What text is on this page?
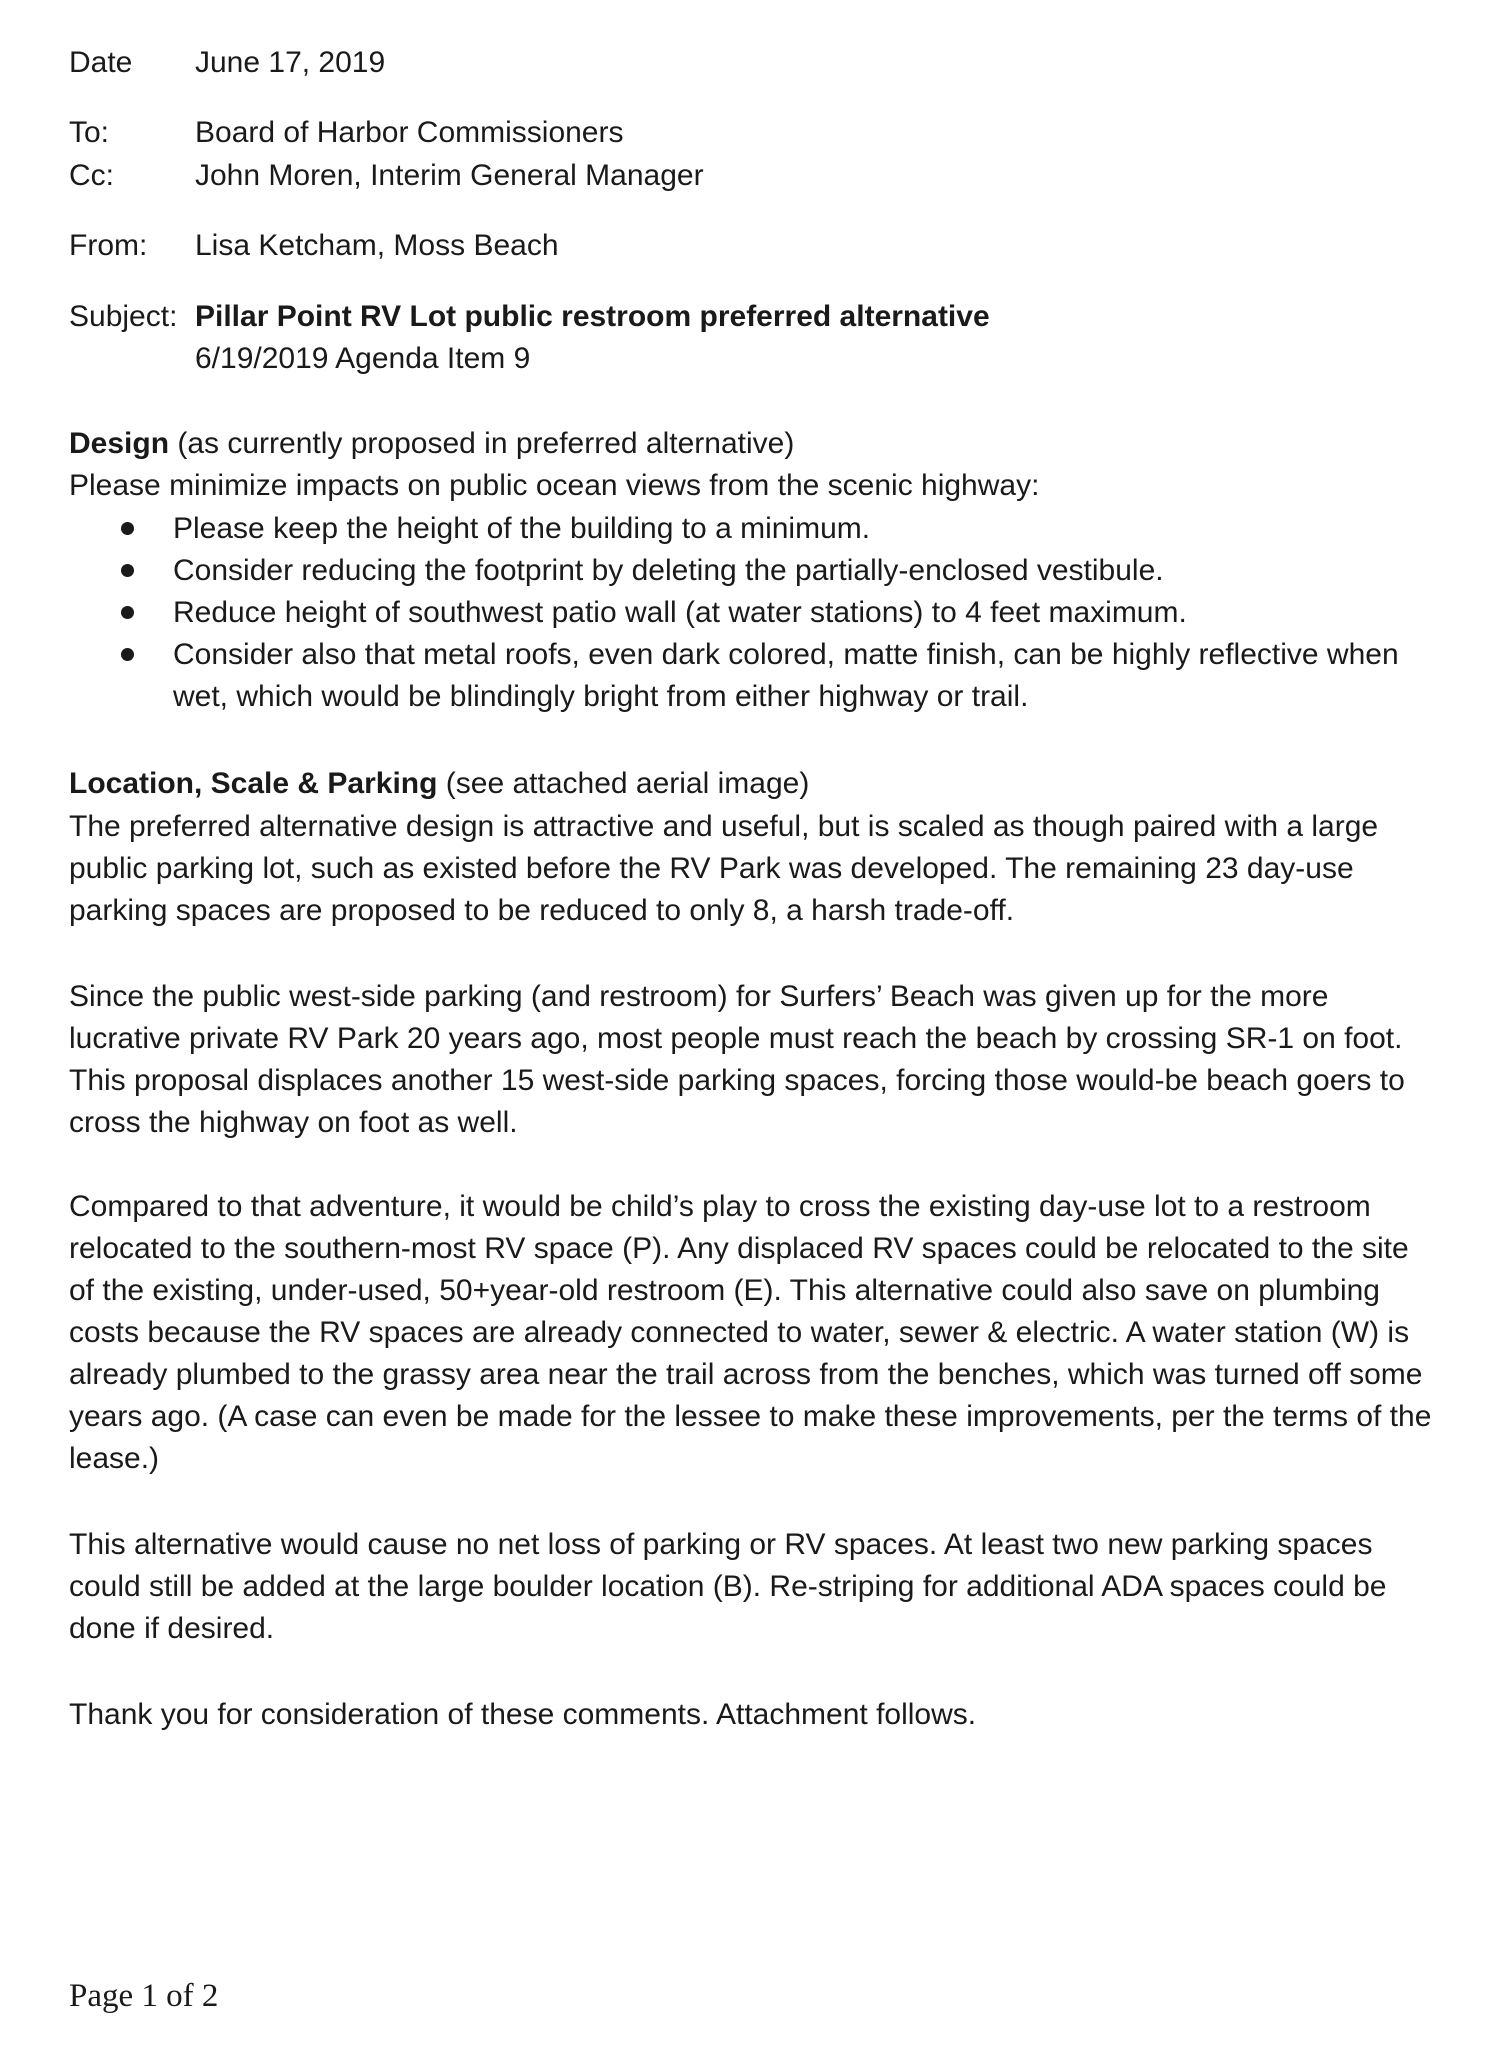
Date June 17, 2019
To:	Board of Harbor Commissioners
Cc:	John Moren, Interim General Manager
From: Lisa Ketcham, Moss Beach
Subject: Pillar Point RV Lot public restroom preferred alternative
6/19/2019 Agenda Item 9
Design (as currently proposed in preferred alternative)
Please minimize impacts on public ocean views from the scenic highway:
Please keep the height of the building to a minimum.
Consider reducing the footprint by deleting the partially-enclosed vestibule.
Reduce height of southwest patio wall (at water stations) to 4 feet maximum.
Consider also that metal roofs, even dark colored, matte finish, can be highly reflective when wet, which would be blindingly bright from either highway or trail.
Location, Scale & Parking (see attached aerial image)

The preferred alternative design is attractive and useful, but is scaled as though paired with a large public parking lot, such as existed before the RV Park was developed. The remaining 23 day-use parking spaces are proposed to be reduced to only 8, a harsh trade-off.

Since the public west-side parking (and restroom) for Surfers’ Beach was given up for the more lucrative private RV Park 20 years ago, most people must reach the beach by crossing SR-1 on foot. This proposal displaces another 15 west-side parking spaces, forcing those would-be beach goers to cross the highway on foot as well.

Compared to that adventure, it would be child’s play to cross the existing day-use lot to a restroom relocated to the southern-most RV space (P). Any displaced RV spaces could be relocated to the site of the existing, under-used, 50+year-old restroom (E). This alternative could also save on plumbing costs because the RV spaces are already connected to water, sewer & electric. A water station (W) is already plumbed to the grassy area near the trail across from the benches, which was turned off some years ago. (A case can even be made for the lessee to make these improvements, per the terms of the lease.)

This alternative would cause no net loss of parking or RV spaces. At least two new parking spaces could still be added at the large boulder location (B). Re-striping for additional ADA spaces could be done if desired.

Thank you for consideration of these comments. Attachment follows.

Page 1 of 2
